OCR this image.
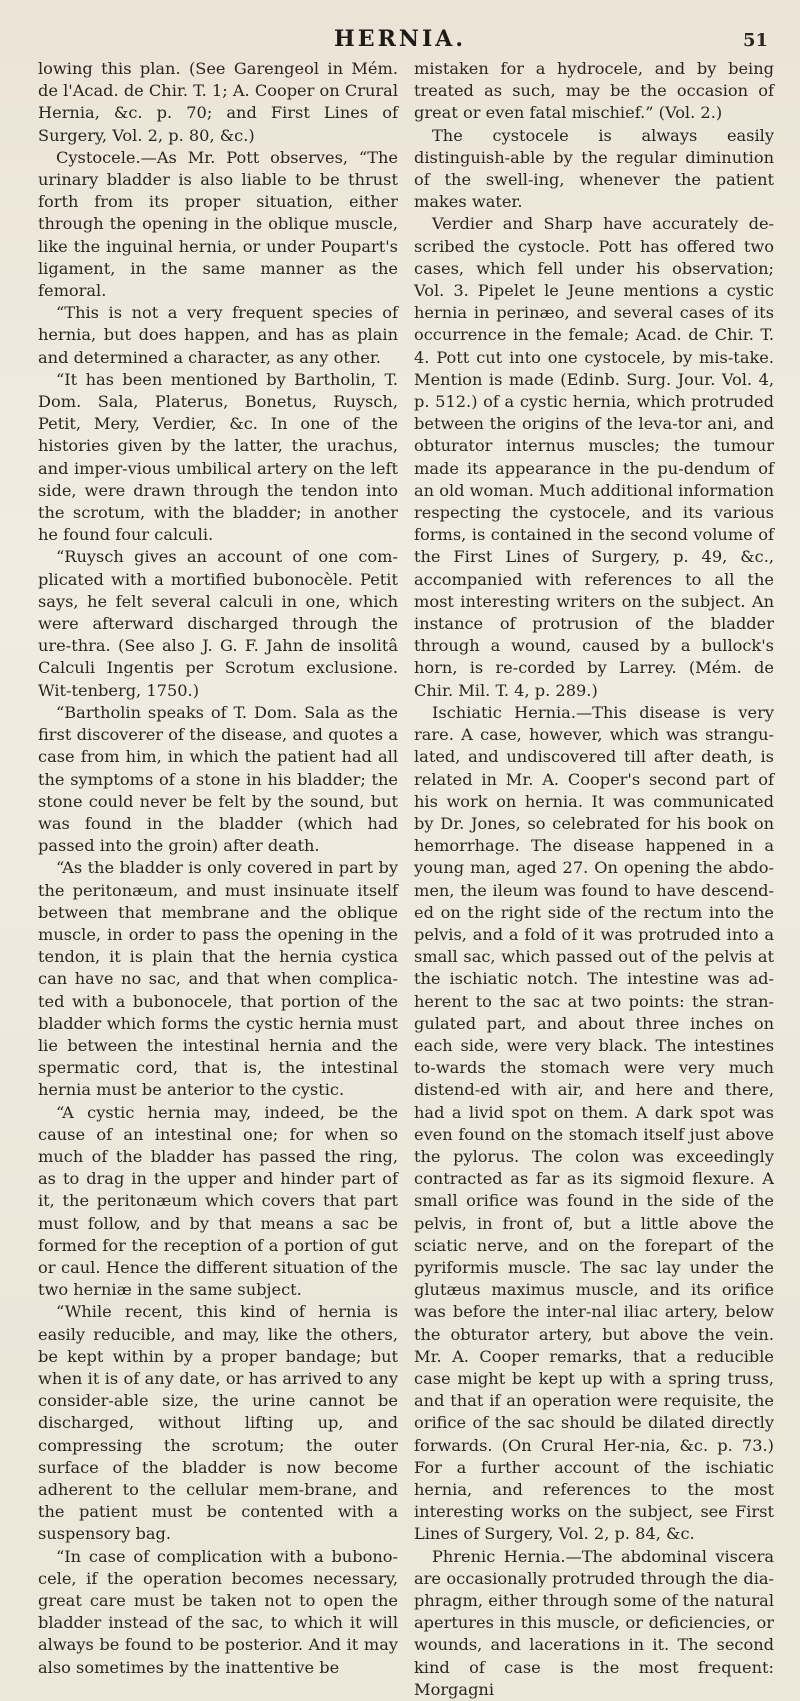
HERNIA.	51

lowing this plan. (See Garengeol in Mém. de l'Acad. de Chir. T. 1; A. Cooper on Crural Hernia, &c. p. 70; and First Lines of Surgery, Vol. 2, p. 80, &c.)

Cystocele.—As Mr. Pott observes, “The urinary bladder is also liable to be thrust forth from its proper situation, either through the opening in the oblique muscle, like the inguinal hernia, or under Poupart's ligament, in the same manner as the femoral.

“This is not a very frequent species of hernia, but does happen, and has as plain and determined a character, as any other.

“It has been mentioned by Bartholin, T. Dom. Sala, Platerus, Bonetus, Ruysch, Petit, Mery, Verdier, &c. In one of the histories given by the latter, the urachus, and imper-vious umbilical artery on the left side, were drawn through the tendon into the scrotum, with the bladder; in another he found four calculi.

“Ruysch gives an account of one com-plicated with a mortified bubonocèle. Petit says, he felt several calculi in one, which were afterward discharged through the ure-thra. (See also J. G. F. Jahn de insolitâ Calculi Ingentis per Scrotum exclusione. Wit-tenberg, 1750.)

“Bartholin speaks of T. Dom. Sala as the first discoverer of the disease, and quotes a case from him, in which the patient had all the symptoms of a stone in his bladder; the stone could never be felt by the sound, but was found in the bladder (which had passed into the groin) after death.

“As the bladder is only covered in part by the peritonæum, and must insinuate itself between that membrane and the oblique muscle, in order to pass the opening in the tendon, it is plain that the hernia cystica can have no sac, and that when complica-ted with a bubonocele, that portion of the bladder which forms the cystic hernia must lie between the intestinal hernia and the spermatic cord, that is, the intestinal hernia must be anterior to the cystic.

“A cystic hernia may, indeed, be the cause of an intestinal one; for when so much of the bladder has passed the ring, as to drag in the upper and hinder part of it, the peritonæum which covers that part must follow, and by that means a sac be formed for the reception of a portion of gut or caul. Hence the different situation of the two herniæ in the same subject.

“While recent, this kind of hernia is easily reducible, and may, like the others, be kept within by a proper bandage; but when it is of any date, or has arrived to any consider-able size, the urine cannot be discharged, without lifting up, and compressing the scrotum; the outer surface of the bladder is now become adherent to the cellular mem-brane, and the patient must be contented with a suspensory bag.

“In case of complication with a bubono-cele, if the operation becomes necessary, great care must be taken not to open the bladder instead of the sac, to which it will always be found to be posterior. And it may also sometimes by the inattentive be

mistaken for a hydrocele, and by being treated as such, may be the occasion of great or even fatal mischief.” (Vol. 2.)

The cystocele is always easily distinguish-able by the regular diminution of the swell-ing, whenever the patient makes water.

Verdier and Sharp have accurately de-scribed the cystocle. Pott has offered two cases, which fell under his observation; Vol. 3. Pipelet le Jeune mentions a cystic hernia in perinæo, and several cases of its occurrence in the female; Acad. de Chir. T. 4. Pott cut into one cystocele, by mis-take. Mention is made (Edinb. Surg. Jour. Vol. 4, p. 512.) of a cystic hernia, which protruded between the origins of the leva-tor ani, and obturator internus muscles; the tumour made its appearance in the pu-dendum of an old woman. Much additional information respecting the cystocele, and its various forms, is contained in the second volume of the First Lines of Surgery, p. 49, &c., accompanied with references to all the most interesting writers on the subject. An instance of protrusion of the bladder through a wound, caused by a bullock's horn, is re-corded by Larrey. (Mém. de Chir. Mil. T. 4, p. 289.)

Ischiatic Hernia.—This disease is very rare. A case, however, which was strangu-lated, and undiscovered till after death, is related in Mr. A. Cooper's second part of his work on hernia. It was communicated by Dr. Jones, so celebrated for his book on hemorrhage. The disease happened in a young man, aged 27. On opening the abdo-men, the ileum was found to have descend-ed on the right side of the rectum into the pelvis, and a fold of it was protruded into a small sac, which passed out of the pelvis at the ischiatic notch. The intestine was ad-herent to the sac at two points: the stran-gulated part, and about three inches on each side, were very black. The intestines to-wards the stomach were very much distend-ed with air, and here and there, had a livid spot on them. A dark spot was even found on the stomach itself just above the pylorus. The colon was exceedingly contracted as far as its sigmoid flexure. A small orifice was found in the side of the pelvis, in front of, but a little above the sciatic nerve, and on the forepart of the pyriformis muscle. The sac lay under the glutæus maximus muscle, and its orifice was before the inter-nal iliac artery, below the obturator artery, but above the vein. Mr. A. Cooper remarks, that a reducible case might be kept up with a spring truss, and that if an operation were requisite, the orifice of the sac should be dilated directly forwards. (On Crural Her-nia, &c. p. 73.) For a further account of the ischiatic hernia, and references to the most interesting works on the subject, see First Lines of Surgery, Vol. 2, p. 84, &c.

Phrenic Hernia.—The abdominal viscera are occasionally protruded through the dia-phragm, either through some of the natural apertures in this muscle, or deficiencies, or wounds, and lacerations in it. The second kind of case is the most frequent: Morgagni
